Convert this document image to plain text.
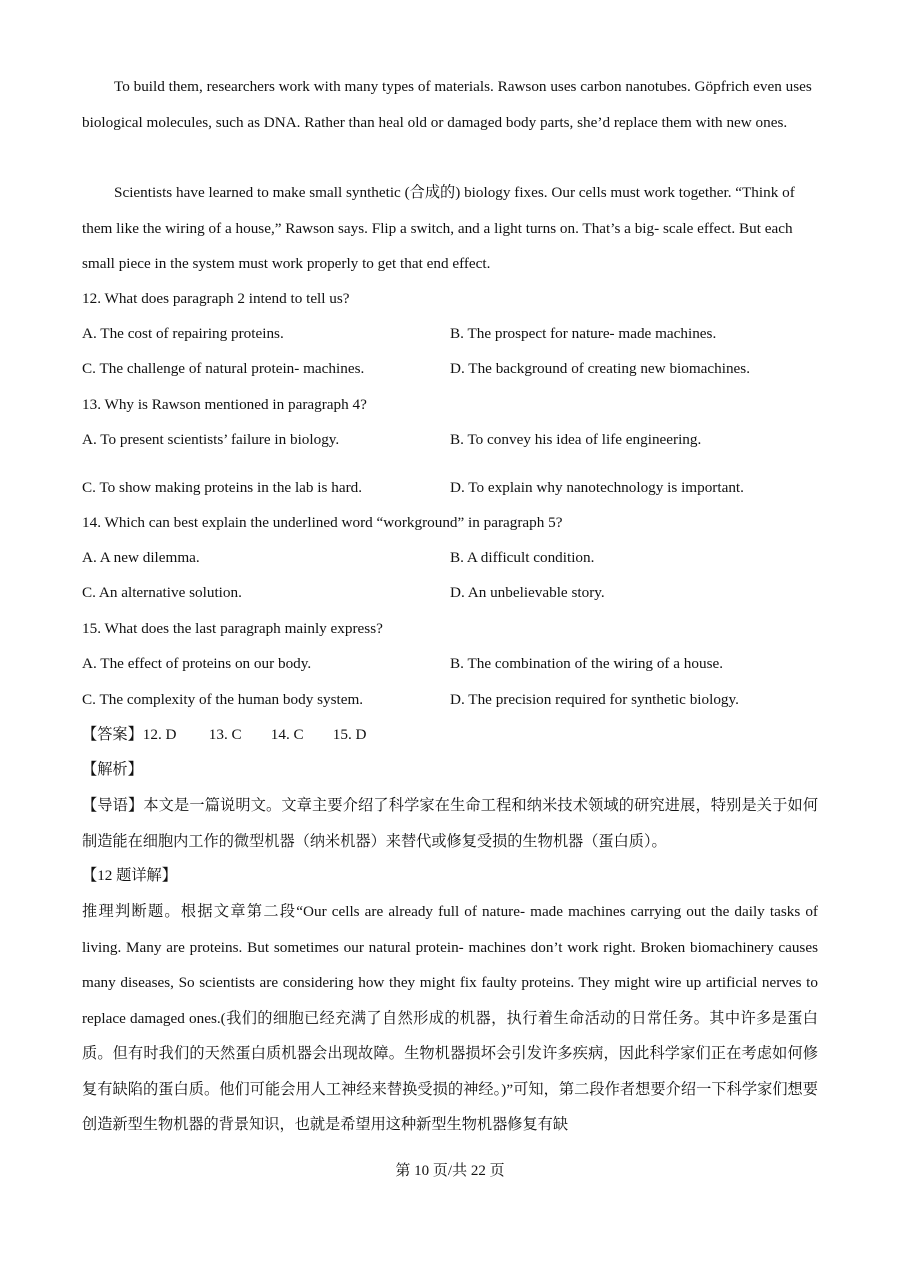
To build them, researchers work with many types of materials. Rawson uses carbon nanotubes. Göpfrich even uses biological molecules, such as DNA. Rather than heal old or damaged body parts, she’d replace them with new ones.
Scientists have learned to make small synthetic (合成的) biology fixes. Our cells must work together. “Think of them like the wiring of a house,” Rawson says. Flip a switch, and a light turns on. That’s a big- scale effect. But each small piece in the system must work properly to get that end effect.
12. What does paragraph 2 intend to tell us?
A. The cost of repairing proteins.	B. The prospect for nature- made machines.
C. The challenge of natural protein- machines.	D. The background of creating new biomachines.
13. Why is Rawson mentioned in paragraph 4?
A. To present scientists’ failure in biology.	B. To convey his idea of life engineering.
C. To show making proteins in the lab is hard.	D. To explain why nanotechnology is important.
14. Which can best explain the underlined word “workground” in paragraph 5?
A. A new dilemma.	B. A difficult condition.
C. An alternative solution.	D. An unbelievable story.
15. What does the last paragraph mainly express?
A. The effect of proteins on our body.	B. The combination of the wiring of a house.
C. The complexity of the human body system.	D. The precision required for synthetic biology.
【答案】12. D 13. C 14. C 15. D
【解析】
【导语】本文是一篇说明文。文章主要介绍了科学家在生命工程和纳米技术领域的研究进展，特别是关于如何制造能在细胞内工作的微型机器（纳米机器）来替代或修复受损的生物机器（蛋白质）。
【12 题详解】
推理判断题。根据文章第二段“Our cells are already full of nature- made machines carrying out the daily tasks of living. Many are proteins. But sometimes our natural protein- machines don’t work right. Broken biomachinery causes many diseases, So scientists are considering how they might fix faulty proteins. They might wire up artificial nerves to replace damaged ones.(我们的细胞已经充满了自然形成的机器，执行着生命活动的日常任务。其中许多是蛋白质。但有时我们的天然蛋白质机器会出现故障。生物机器损坏会引发许多疾病，因此科学家们正在考虑如何修复有缺陷的蛋白质。他们可能会用人工神经来替换受损的神经。)”可知，第二段作者想要介绍一下科学家们想要创造新型生物机器的背景知识，也就是希望用这种新型生物机器修复有缺
第 10 页/共 22 页
